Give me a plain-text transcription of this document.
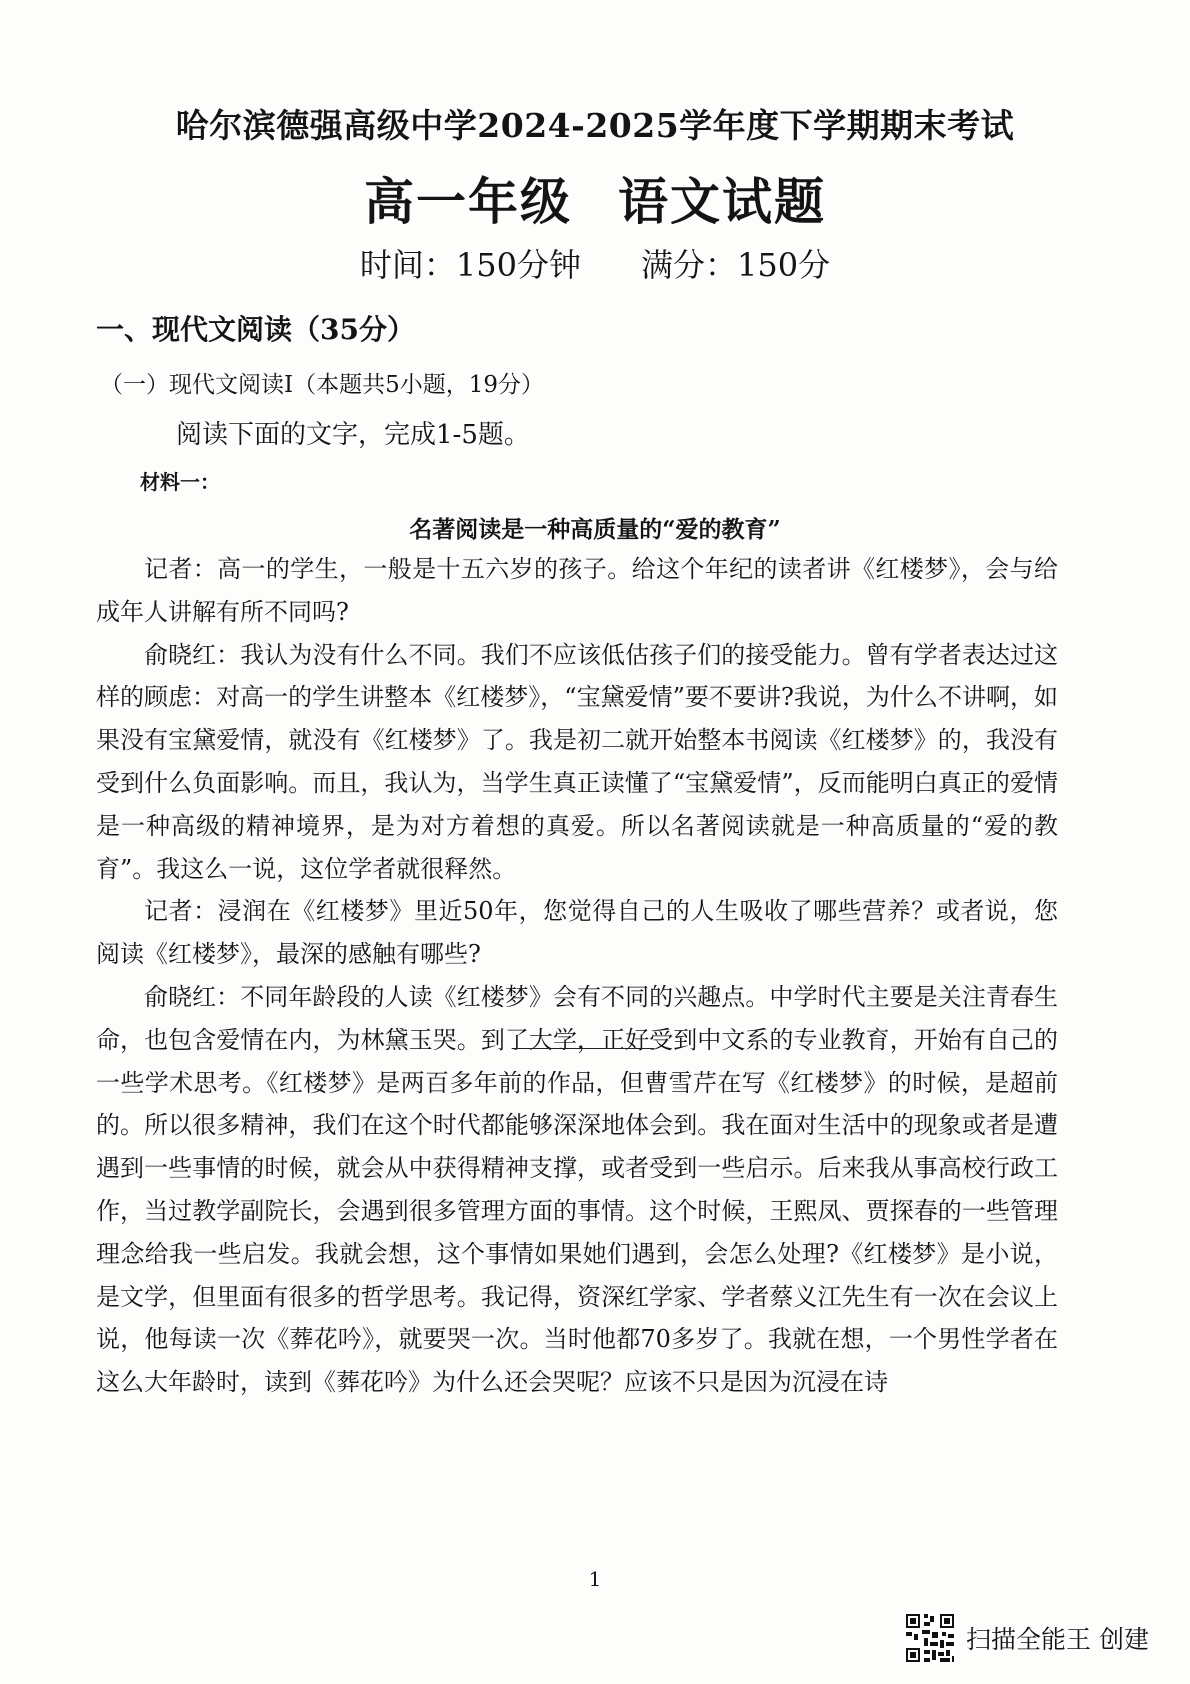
哈尔滨德强高级中学2024-2025学年度下学期期末考试
高一年级 语文试题
时间：150分钟 满分：150分
一、现代文阅读（35分）
（一）现代文阅读Ⅰ（本题共5小题，19分）
阅读下面的文字，完成1-5题。
材料一：
名著阅读是一种高质量的“爱的教育”

记者：高一的学生，一般是十五六岁的孩子。给这个年纪的读者讲《红楼梦》，会与给成年人讲解有所不同吗?

俞晓红：我认为没有什么不同。我们不应该低估孩子们的接受能力。曾有学者表达过这样的顾虑：对高一的学生讲整本《红楼梦》，“宝黛爱情”要不要讲?我说，为什么不讲啊，如果没有宝黛爱情，就没有《红楼梦》了。我是初二就开始整本书阅读《红楼梦》的，我没有受到什么负面影响。而且，我认为，当学生真正读懂了“宝黛爱情”，反而能明白真正的爱情是一种高级的精神境界，是为对方着想的真爱。所以名著阅读就是一种高质量的“爱的教育”。我这么一说，这位学者就很释然。

记者：浸润在《红楼梦》里近50年，您觉得自己的人生吸收了哪些营养？或者说，您阅读《红楼梦》，最深的感触有哪些?

俞晓红：不同年龄段的人读《红楼梦》会有不同的兴趣点。中学时代主要是关注青春生命，也包含爱情在内，为林黛玉哭。到了大学，正好受到中文系的专业教育，开始有自己的一些学术思考。《红楼梦》是两百多年前的作品，但曹雪芹在写《红楼梦》的时候，是超前的。所以很多精神，我们在这个时代都能够深深地体会到。我在面对生活中的现象或者是遭遇到一些事情的时候，就会从中获得精神支撑，或者受到一些启示。后来我从事高校行政工作，当过教学副院长，会遇到很多管理方面的事情。这个时候，王熙凤、贾探春的一些管理理念给我一些启发。我就会想，这个事情如果她们遇到，会怎么处理?《红楼梦》是小说，是文学，但里面有很多的哲学思考。我记得，资深红学家、学者蔡义江先生有一次在会议上说，他每读一次《葬花吟》，就要哭一次。当时他都70多岁了。我就在想，一个男性学者在这么大年龄时，读到《葬花吟》为什么还会哭呢？应该不只是因为沉浸在诗

1
扫描全能王 创建
